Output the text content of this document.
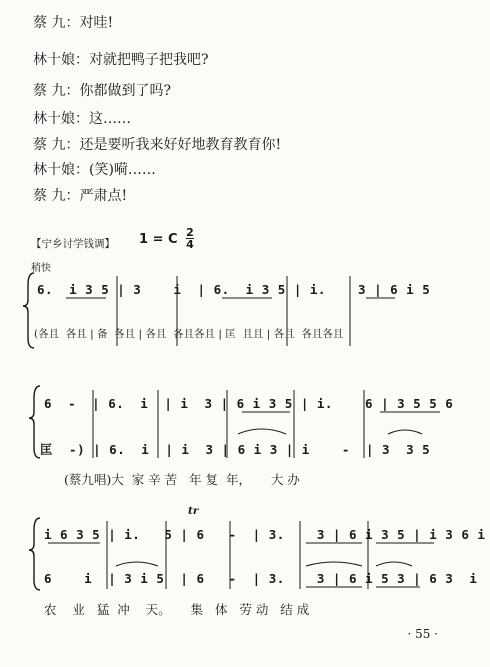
蔡 九：对哇!
林十娘：对就把鸭子把我吧?
蔡 九：你都做到了吗?
林十娘：这……
蔡 九：还是要听我来好好地教育教育你!
林十娘：(笑)嗬……
蔡 九：严肃点!
【宁乡讨学钱调】 1 = C 2
4
稍快
6.  i 3 5 | 3    i  | 6.  i 3 5 | i.    3 | 6 i 5
(各且  各且 | 备  各且 | 各且  各且各且 | 匡  且且 | 各且  各且各且
6  -  | 6.  i  | i  3 | 6 i 3 5 | i.    6 | 3 5 5 6
匡  -) | 6.  i  | i  3 | 6 i 3 | i    -  | 3  3 5
(蔡九唱)大  家 辛 苦   年 复  年，     大 办
tr
i 6 3 5 | i.   5 | 6   -  | 3.    3 | 6 i 3 5 | i 3 6 i
6    i  | 3 i 5  | 6   -  | 3.    3 | 6 i 5 3 | 6 3  i
农    业   猛  冲    天。     集   体   劳 动   结 成
· 55 ·
